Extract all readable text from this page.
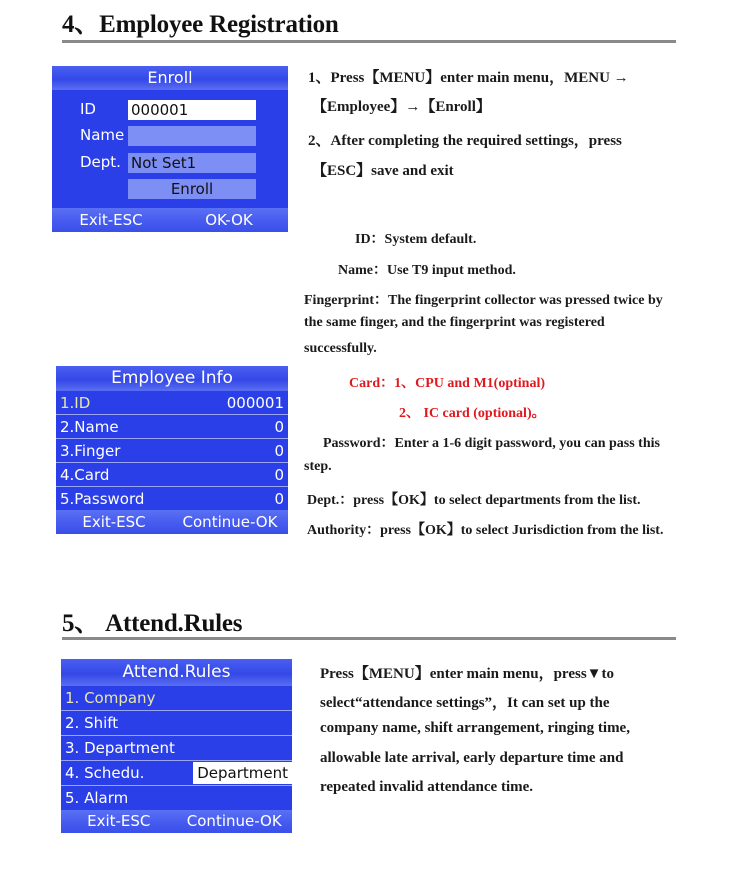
4、Employee Registration
Enroll
ID 000001
Name
Dept. Not Set1
Enroll
Exit-ESC	OK-OK
1、Press【MENU】enter main menu，MENU →
【Employee】→【Enroll】
2、After completing the required settings，press
【ESC】save and exit
ID：System default.
Name：Use T9 input method.
Fingerprint：The fingerprint collector was pressed twice by
the same finger, and the fingerprint was registered
successfully.
Card：1、CPU and M1(optinal)
2、 IC card (optional)。
Password：Enter a 1-6 digit password, you can pass this
step.
Dept.：press【OK】to select departments from the list.
Authority：press【OK】to select Jurisdiction from the list.
Employee Info
1.ID	000001
2.Name	0
3.Finger	0
4.Card	0
5.Password	0
Exit-ESC	Continue-OK
5、 Attend.Rules
Attend.Rules
1. Company
2. Shift
3. Department
4. Schedu.	Department
5. Alarm
Exit-ESC	Continue-OK
Press【MENU】enter main menu，press▼to
select“attendance settings”，It can set up the
company name, shift arrangement, ringing time,
allowable late arrival, early departure time and
repeated invalid attendance time.
